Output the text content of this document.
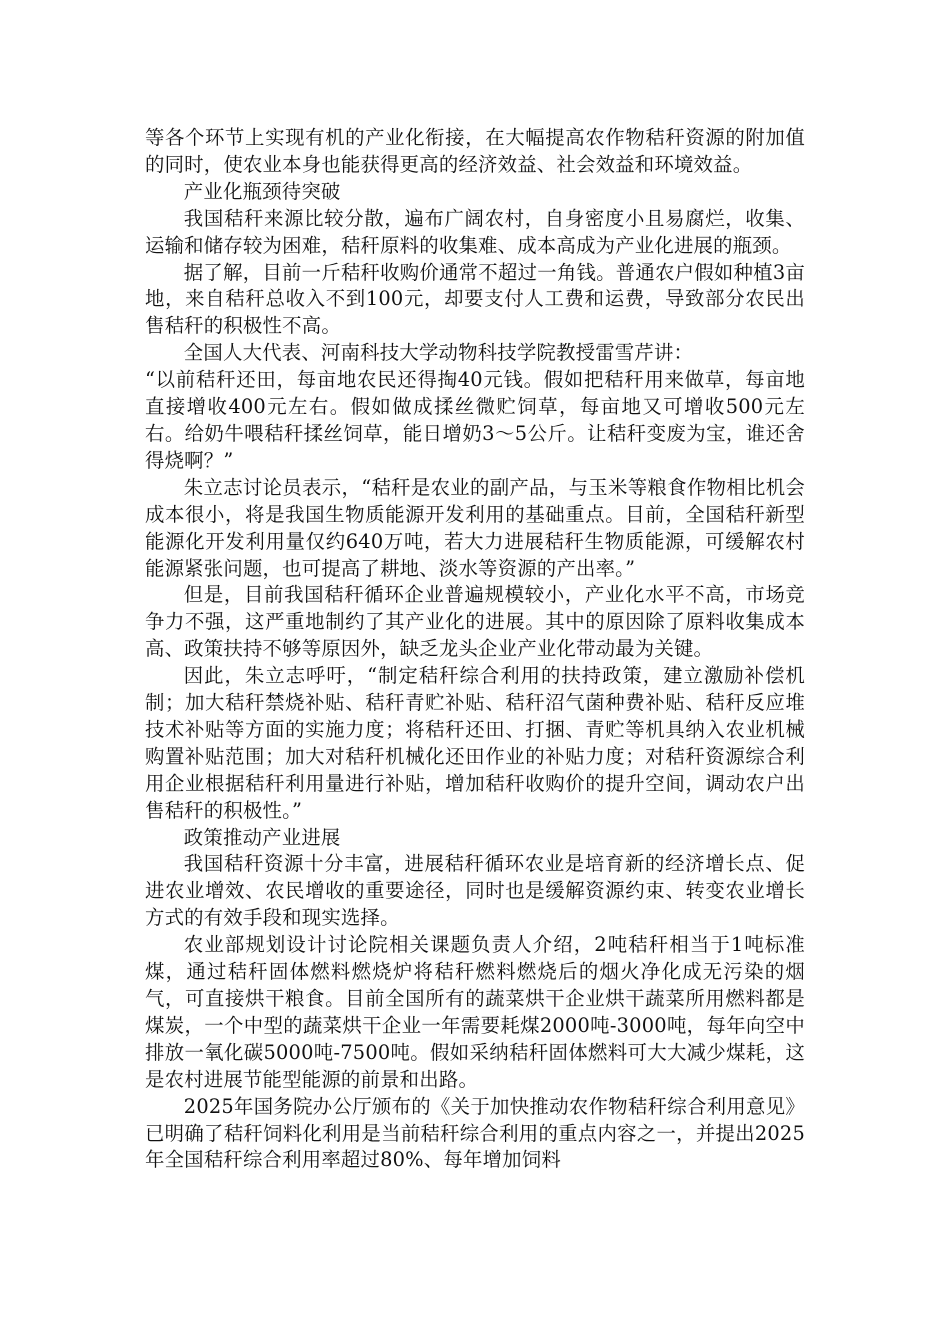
等各个环节上实现有机的产业化衔接，在大幅提高农作物秸秆资源的附加值的同时，使农业本身也能获得更高的经济效益、社会效益和环境效益。

产业化瓶颈待突破

我国秸秆来源比较分散，遍布广阔农村，自身密度小且易腐烂，收集、运输和储存较为困难，秸秆原料的收集难、成本高成为产业化进展的瓶颈。

据了解，目前一斤秸秆收购价通常不超过一角钱。普通农户假如种植3亩地，来自秸秆总收入不到100元，却要支付人工费和运费，导致部分农民出售秸秆的积极性不高。

全国人大代表、河南科技大学动物科技学院教授雷雪芹讲：

“以前秸秆还田，每亩地农民还得掏40元钱。假如把秸秆用来做草，每亩地直接增收400元左右。假如做成揉丝微贮饲草，每亩地又可增收500元左右。给奶牛喂秸秆揉丝饲草，能日增奶3～5公斤。让秸秆变废为宝，谁还舍得烧啊？”

朱立志讨论员表示，“秸秆是农业的副产品，与玉米等粮食作物相比机会成本很小，将是我国生物质能源开发利用的基础重点。目前，全国秸秆新型能源化开发利用量仅约640万吨，若大力进展秸秆生物质能源，可缓解农村能源紧张问题，也可提高了耕地、淡水等资源的产出率。”

但是，目前我国秸秆循环企业普遍规模较小，产业化水平不高，市场竞争力不强，这严重地制约了其产业化的进展。其中的原因除了原料收集成本高、政策扶持不够等原因外，缺乏龙头企业产业化带动最为关键。

因此，朱立志呼吁，“制定秸秆综合利用的扶持政策，建立激励补偿机制；加大秸秆禁烧补贴、秸秆青贮补贴、秸秆沼气菌种费补贴、秸秆反应堆技术补贴等方面的实施力度；将秸秆还田、打捆、青贮等机具纳入农业机械购置补贴范围；加大对秸秆机械化还田作业的补贴力度；对秸秆资源综合利用企业根据秸秆利用量进行补贴，增加秸秆收购价的提升空间，调动农户出售秸秆的积极性。”

政策推动产业进展

我国秸秆资源十分丰富，进展秸秆循环农业是培育新的经济增长点、促进农业增效、农民增收的重要途径，同时也是缓解资源约束、转变农业增长方式的有效手段和现实选择。

农业部规划设计讨论院相关课题负责人介绍，2吨秸秆相当于1吨标准煤，通过秸秆固体燃料燃烧炉将秸秆燃料燃烧后的烟火净化成无污染的烟气，可直接烘干粮食。目前全国所有的蔬菜烘干企业烘干蔬菜所用燃料都是煤炭，一个中型的蔬菜烘干企业一年需要耗煤2000吨-3000吨，每年向空中排放一氧化碳5000吨-7500吨。假如采纳秸秆固体燃料可大大减少煤耗，这是农村进展节能型能源的前景和出路。

2025年国务院办公厅颁布的《关于加快推动农作物秸秆综合利用意见》已明确了秸秆饲料化利用是当前秸秆综合利用的重点内容之一，并提出2025年全国秸秆综合利用率超过80%、每年增加饲料
